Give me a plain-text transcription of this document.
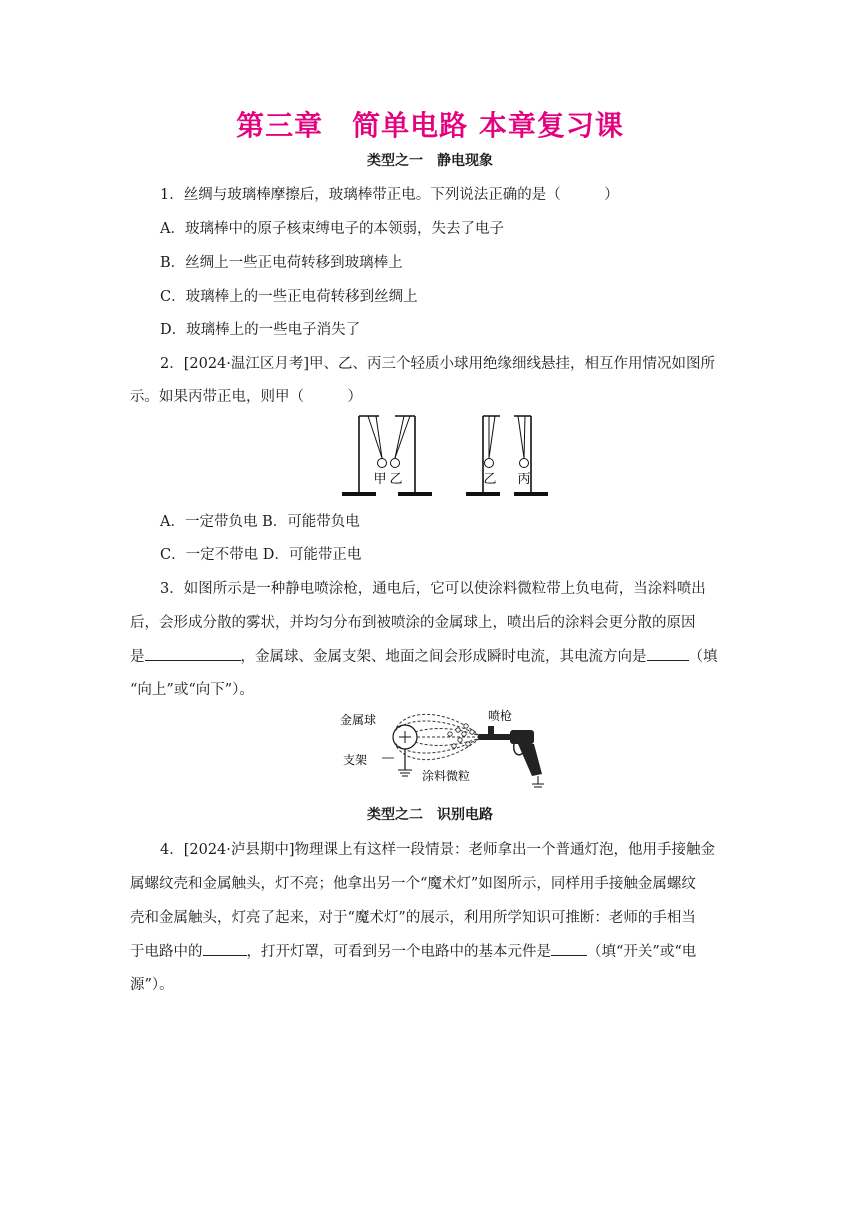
第三章　简单电路 本章复习课
类型之一　静电现象
1．丝绸与玻璃棒摩擦后，玻璃棒带正电。下列说法正确的是（　　　）
A．玻璃棒中的原子核束缚电子的本领弱，失去了电子
B．丝绸上一些正电荷转移到玻璃棒上
C．玻璃棒上的一些正电荷转移到丝绸上
D．玻璃棒上的一些电子消失了
2．[2024·温江区月考]甲、乙、丙三个轻质小球用绝缘细线悬挂，相互作用情况如图所
示。如果丙带正电，则甲（　　　）
甲 乙	乙 丙
A．一定带负电 B．可能带负电
C．一定不带电 D．可能带正电
3．如图所示是一种静电喷涂枪，通电后，它可以使涂料微粒带上负电荷，当涂料喷出
后，会形成分散的雾状，并均匀分布到被喷涂的金属球上，喷出后的涂料会更分散的原因
是	，金属球、金属支架、地面之间会形成瞬时电流，其电流方向是	（填
“向上”或“向下”）。
金属球	喷枪
支架
涂料微粒
类型之二　识别电路
4．[2024·泸县期中]物理课上有这样一段情景：老师拿出一个普通灯泡，他用手接触金
属螺纹壳和金属触头，灯不亮；他拿出另一个“魔术灯”如图所示，同样用手接触金属螺纹
壳和金属触头，灯亮了起来，对于“魔术灯”的展示，利用所学知识可推断：老师的手相当
于电路中的	，打开灯罩，可看到另一个电路中的基本元件是 （填“开关”或“电
源”）。
